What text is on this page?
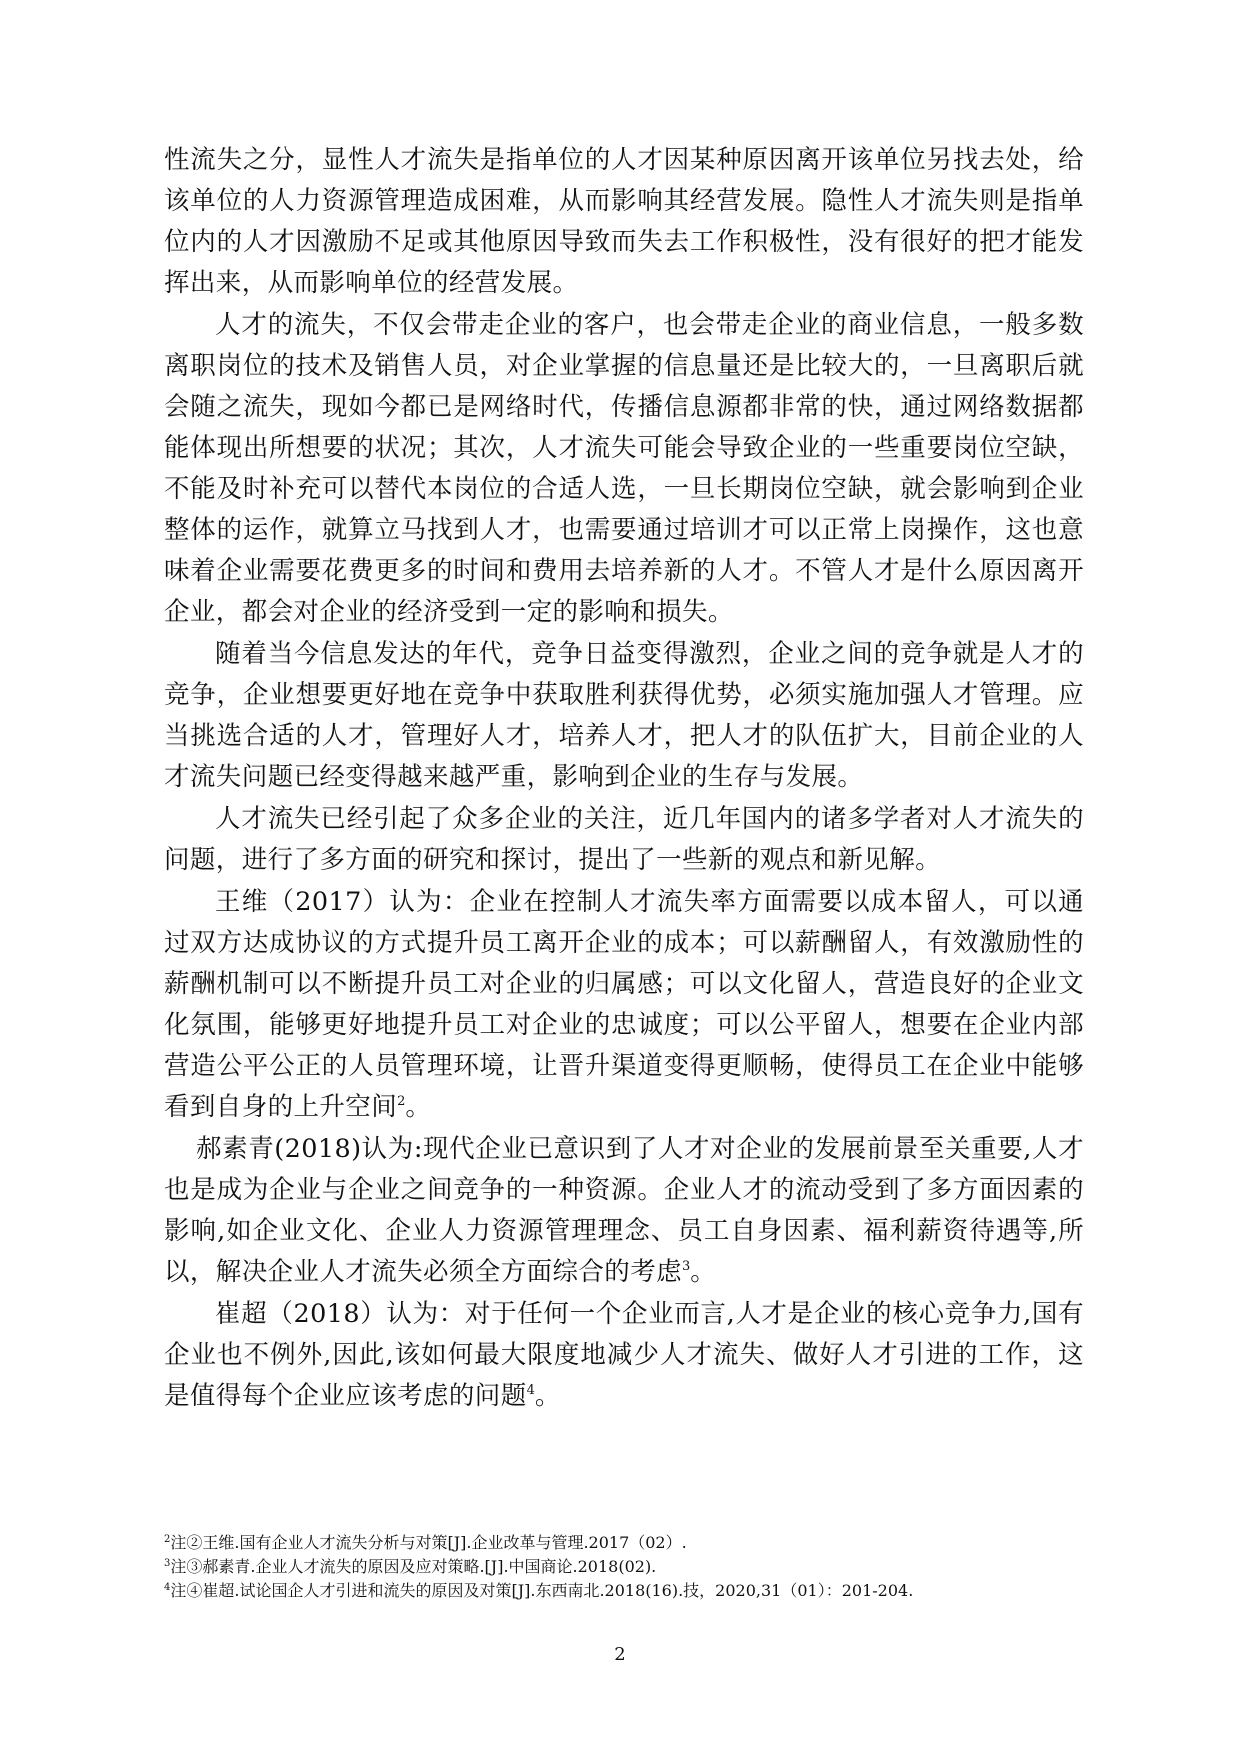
性流失之分，显性人才流失是指单位的人才因某种原因离开该单位另找去处，给该单位的人力资源管理造成困难，从而影响其经营发展。隐性人才流失则是指单位内的人才因激励不足或其他原因导致而失去工作积极性，没有很好的把才能发挥出来，从而影响单位的经营发展。

人才的流失，不仅会带走企业的客户，也会带走企业的商业信息，一般多数离职岗位的技术及销售人员，对企业掌握的信息量还是比较大的，一旦离职后就会随之流失，现如今都已是网络时代，传播信息源都非常的快，通过网络数据都能体现出所想要的状况；其次，人才流失可能会导致企业的一些重要岗位空缺，不能及时补充可以替代本岗位的合适人选，一旦长期岗位空缺，就会影响到企业整体的运作，就算立马找到人才，也需要通过培训才可以正常上岗操作，这也意味着企业需要花费更多的时间和费用去培养新的人才。不管人才是什么原因离开企业，都会对企业的经济受到一定的影响和损失。

随着当今信息发达的年代，竞争日益变得激烈，企业之间的竞争就是人才的竞争，企业想要更好地在竞争中获取胜利获得优势，必须实施加强人才管理。应当挑选合适的人才，管理好人才，培养人才，把人才的队伍扩大，目前企业的人才流失问题已经变得越来越严重，影响到企业的生存与发展。

人才流失已经引起了众多企业的关注，近几年国内的诸多学者对人才流失的问题，进行了多方面的研究和探讨，提出了一些新的观点和新见解。

王维（2017）认为：企业在控制人才流失率方面需要以成本留人，可以通过双方达成协议的方式提升员工离开企业的成本；可以薪酬留人，有效激励性的薪酬机制可以不断提升员工对企业的归属感；可以文化留人，营造良好的企业文化氛围，能够更好地提升员工对企业的忠诚度；可以公平留人，想要在企业内部营造公平公正的人员管理环境，让晋升渠道变得更顺畅，使得员工在企业中能够看到自身的上升空间$^2$。

郝素青(2018)认为:现代企业已意识到了人才对企业的发展前景至关重要,人才也是成为企业与企业之间竞争的一种资源。企业人才的流动受到了多方面因素的影响,如企业文化、企业人力资源管理理念、员工自身因素、福利薪资待遇等,所以，解决企业人才流失必须全方面综合的考虑$^3$。

崔超（2018）认为：对于任何一个企业而言,人才是企业的核心竞争力,国有企业也不例外,因此,该如何最大限度地减少人才流失、做好人才引进的工作，这是值得每个企业应该考虑的问题$^4$。

$^2$注②王维.国有企业人才流失分析与对策[J].企业改革与管理.2017（02）.
$^3$注③郝素青.企业人才流失的原因及应对策略.[J].中国商论.2018(02).
$^4$注④崔超.试论国企人才引进和流失的原因及对策[J].东西南北.2018(16).技，2020,31（01）：201-204.
2
